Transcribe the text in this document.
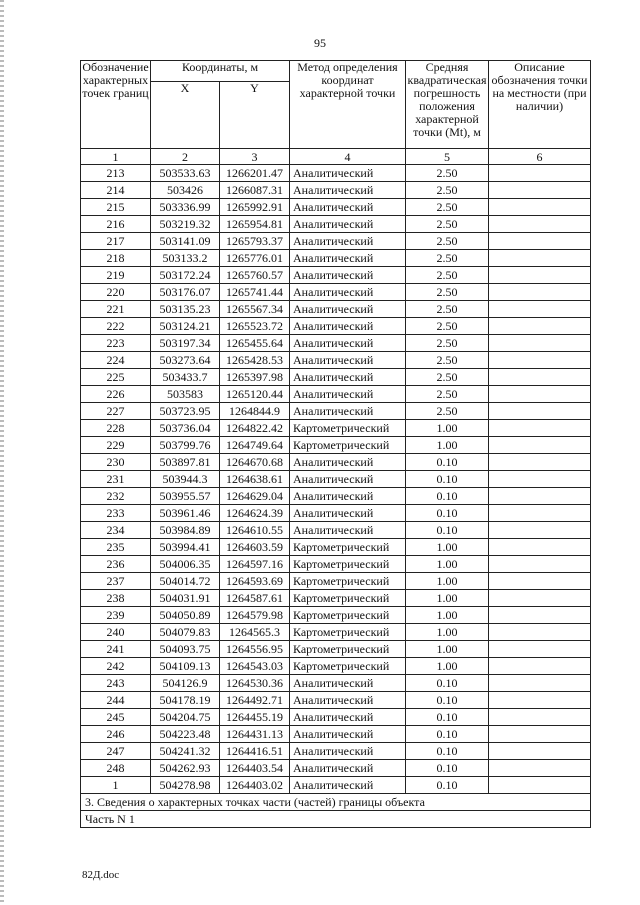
95
Обозначение характерных точек границ	Координаты, м		Метод определения координат характерной точки	Средняя квадратическая погрешность положения характерной точки (Mt), м	Описание обозначения точки на местности (при наличии)
	X	Y			
1	2	3	4	5	6
213	503533.63	1266201.47	Аналитический	2.50	
214	503426	1266087.31	Аналитический	2.50	
215	503336.99	1265992.91	Аналитический	2.50	
216	503219.32	1265954.81	Аналитический	2.50	
217	503141.09	1265793.37	Аналитический	2.50	
218	503133.2	1265776.01	Аналитический	2.50	
219	503172.24	1265760.57	Аналитический	2.50	
220	503176.07	1265741.44	Аналитический	2.50	
221	503135.23	1265567.34	Аналитический	2.50	
222	503124.21	1265523.72	Аналитический	2.50	
223	503197.34	1265455.64	Аналитический	2.50	
224	503273.64	1265428.53	Аналитический	2.50	
225	503433.7	1265397.98	Аналитический	2.50	
226	503583	1265120.44	Аналитический	2.50	
227	503723.95	1264844.9	Аналитический	2.50	
228	503736.04	1264822.42	Картометрический	1.00	
229	503799.76	1264749.64	Картометрический	1.00	
230	503897.81	1264670.68	Аналитический	0.10	
231	503944.3	1264638.61	Аналитический	0.10	
232	503955.57	1264629.04	Аналитический	0.10	
233	503961.46	1264624.39	Аналитический	0.10	
234	503984.89	1264610.55	Аналитический	0.10	
235	503994.41	1264603.59	Картометрический	1.00	
236	504006.35	1264597.16	Картометрический	1.00	
237	504014.72	1264593.69	Картометрический	1.00	
238	504031.91	1264587.61	Картометрический	1.00	
239	504050.89	1264579.98	Картометрический	1.00	
240	504079.83	1264565.3	Картометрический	1.00	
241	504093.75	1264556.95	Картометрический	1.00	
242	504109.13	1264543.03	Картометрический	1.00	
243	504126.9	1264530.36	Аналитический	0.10	
244	504178.19	1264492.71	Аналитический	0.10	
245	504204.75	1264455.19	Аналитический	0.10	
246	504223.48	1264431.13	Аналитический	0.10	
247	504241.32	1264416.51	Аналитический	0.10	
248	504262.93	1264403.54	Аналитический	0.10	
1	504278.98	1264403.02	Аналитический	0.10	
3. Сведения о характерных точках части (частей) границы объекта					
Часть N 1					
82Д.doc
